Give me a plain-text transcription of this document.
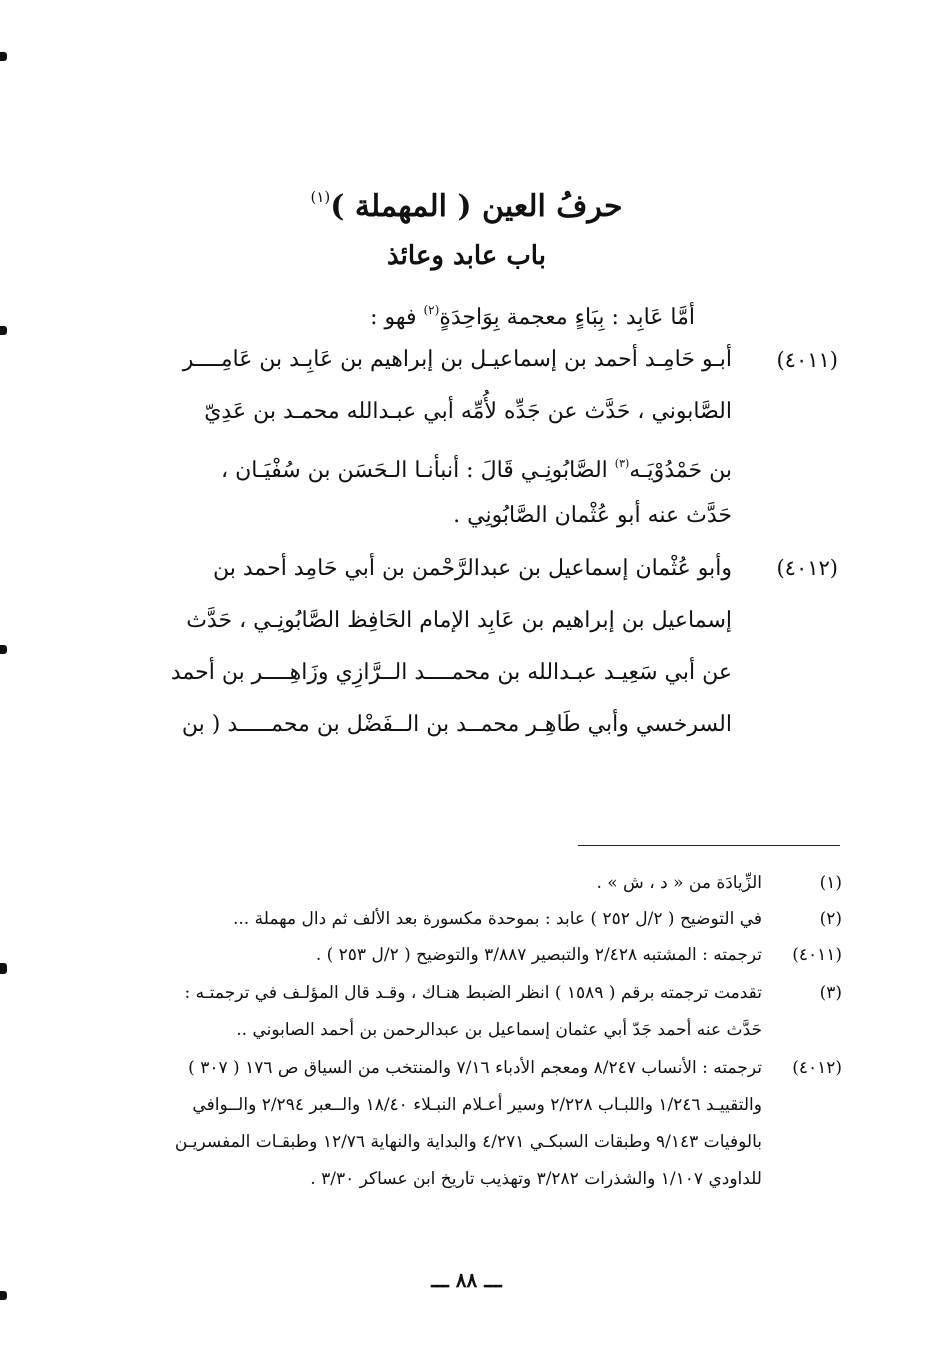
حرفُ العين ( المهملة )$^{(١)}$
باب عابد وعائذ
أمَّا عَابِد : بِبَاءٍ معجمة بِوَاحِدَةٍ$^{(٢)}$ فهو :
(٤٠١١)
أبـو حَامِـد أحمد بن إسماعيـل بن إبراهيم بن عَابِـد بن عَامِــــر
الصَّابوني ، حَدَّث عن جَدِّه لأُمِّه أبي عبـدالله محمـد بن عَدِيّ
بن حَمْدُوْيَـه$^{(٣)}$ الصَّابُونِـي قَالَ : أنبأنـا الـحَسَن بن سُفْيَـان ،
حَدَّث عنه أبو عُثْمان الصَّابُونِي .
(٤٠١٢)
وأبو عُثْمان إسماعيل بن عبدالرَّحْمن بن أبي حَامِد أحمد بن
إسماعيل بن إبراهيم بن عَابِد الإمام الحَافِظ الصَّابُونِـي ، حَدَّث
عن أبي سَعِيـد عبـدالله بن محمــــد الــرَّازِي وزَاهِــــر بن أحمد
السرخسي وأبي طَاهِـر محمــد بن الــفَضْل بن محمـــــد ( بن
(١)
الزِّيادَة من « د ، ش » .
(٢)
في التوضيح ( ٢/ل ٢٥٢ ) عابد : بموحدة مكسورة بعد الألف ثم دال مهملة ...
(٤٠١١)
ترجمته : المشتبه ٢/٤٢٨ والتبصير ٣/٨٨٧ والتوضيح ( ٢/ل ٢٥٣ ) .
(٣)
تقدمت ترجمته برقم ( ١٥٨٩ ) انظر الضبط هنـاك ، وقـد قال المؤلـف في ترجمتـه :
حَدَّث عنه أحمد جَدّ أبي عثمان إسماعيل بن عبدالرحمن بن أحمد الصابوني ..
(٤٠١٢)
ترجمته : الأنساب ٨/٢٤٧ ومعجم الأدباء ٧/١٦ والمنتخب من السياق ص ١٧٦ ( ٣٠٧ )
والتقييـد ١/٢٤٦ واللبـاب ٢/٢٢٨ وسير أعـلام النبـلاء ١٨/٤٠ والــعبر ٢/٢٩٤ والــوافي
بالوفيات ٩/١٤٣ وطبقات السبكـي ٤/٢٧١ والبداية والنهاية ١٢/٧٦ وطبقـات المفسريـن
للداودي ١/١٠٧ والشذرات ٣/٢٨٢ وتهذيب تاريخ ابن عساكر ٣/٣٠ .
ـــ ٨٨ ـــ
